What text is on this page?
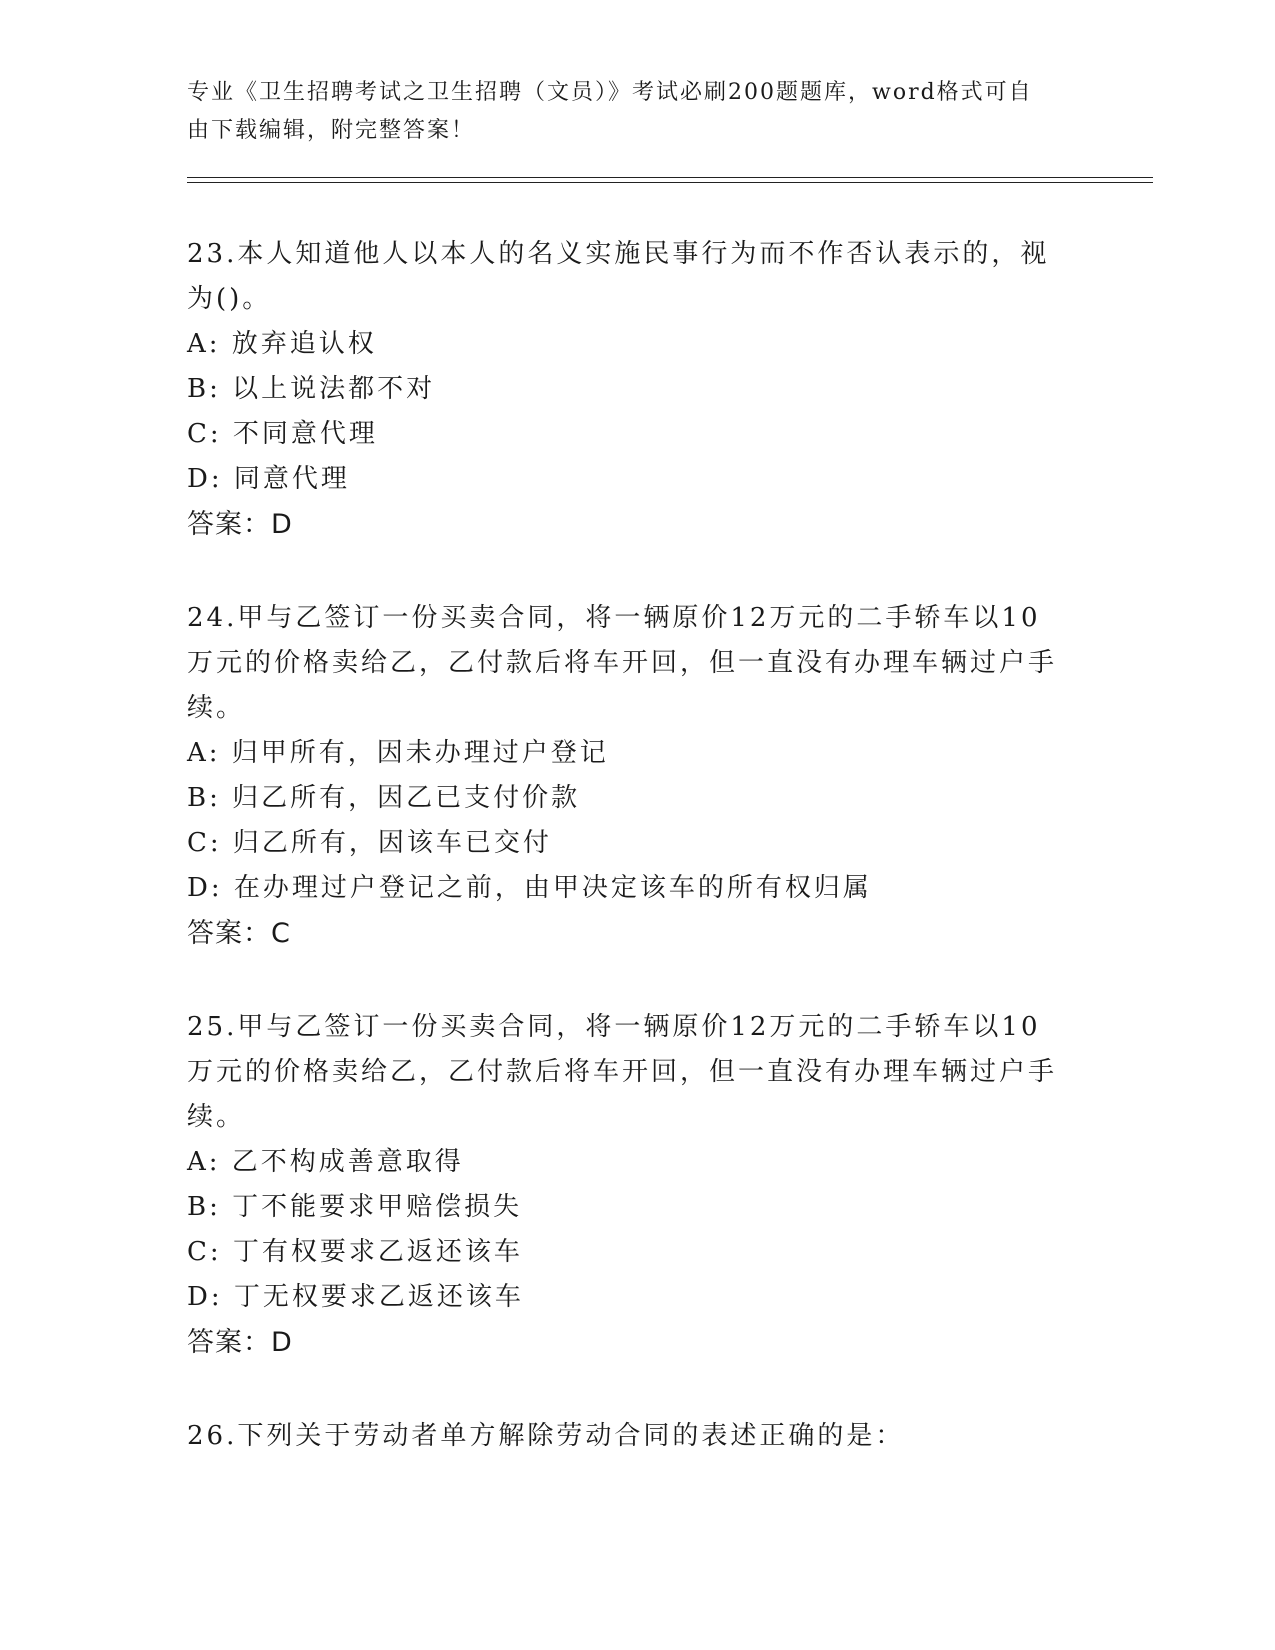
专业《卫生招聘考试之卫生招聘（文员）》考试必刷200题题库，word格式可自
由下载编辑，附完整答案！

23.本人知道他人以本人的名义实施民事行为而不作否认表示的，视为()。

A: 放弃追认权

B: 以上说法都不对

C: 不同意代理

D: 同意代理

答案：D

24.甲与乙签订一份买卖合同，将一辆原价12万元的二手轿车以10万元的价格卖给乙，乙付款后将车开回，但一直没有办理车辆过户手续。

A: 归甲所有，因未办理过户登记

B: 归乙所有，因乙已支付价款

C: 归乙所有，因该车已交付

D: 在办理过户登记之前，由甲决定该车的所有权归属

答案：C

25.甲与乙签订一份买卖合同，将一辆原价12万元的二手轿车以10万元的价格卖给乙，乙付款后将车开回，但一直没有办理车辆过户手续。

A: 乙不构成善意取得

B: 丁不能要求甲赔偿损失

C: 丁有权要求乙返还该车

D: 丁无权要求乙返还该车

答案：D

26.下列关于劳动者单方解除劳动合同的表述正确的是：
